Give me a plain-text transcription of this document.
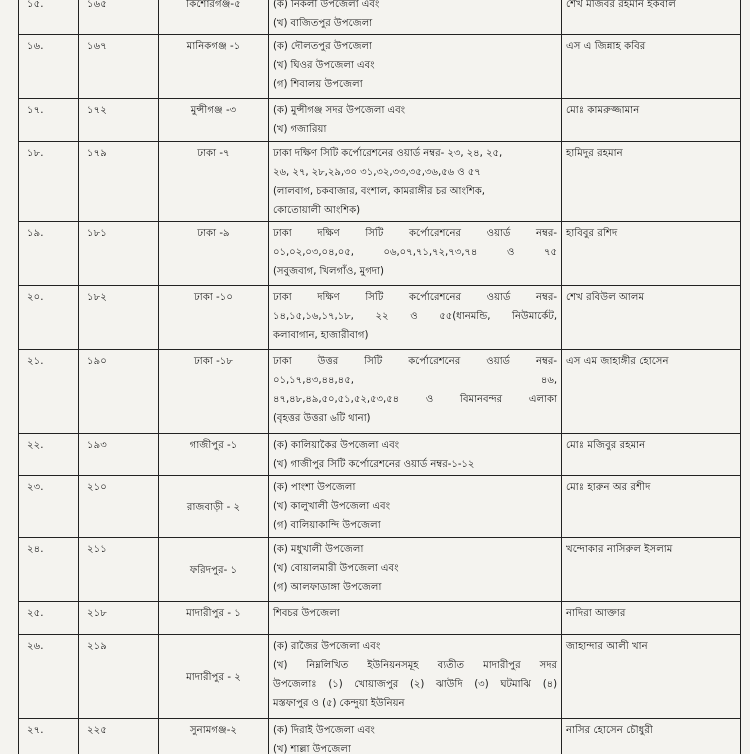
১৫.	১৬৫	কিশোরগঞ্জ-৫	(ক) নিকলী উপজেলা এবং
(খ) বাজিতপুর উপজেলা	শেখ মজিবর রহমান ইকবাল
১৬.	১৬৭	মানিকগঞ্জ -১	(ক) দৌলতপুর উপজেলা
(খ) ঘিওর উপজেলা এবং
(গ) শিবালয় উপজেলা	এস এ জিন্নাহ কবির
১৭.	১৭২	মুন্সীগঞ্জ -৩	(ক) মুন্সীগঞ্জ সদর উপজেলা এবং
(খ) গজারিয়া	মোঃ কামরুজ্জামান
১৮.	১৭৯	ঢাকা -৭	ঢাকা দক্ষিণ সিটি কর্পোরেশনের ওয়ার্ড নম্বর- ২৩, ২৪, ২৫,
২৬, ২৭, ২৮,২৯,৩০ ৩১,৩২,৩৩,৩৫,৩৬,৫৬ ও ৫৭
(লালবাগ, চকবাজার, বংশাল, কামরাঙ্গীর চর আংশিক,
কোতোয়ালী আংশিক)	হামিদুর রহমান
১৯.	১৮১	ঢাকা -৯	ঢাকা দক্ষিণ সিটি কর্পোরেশনের ওয়ার্ড নম্বর-
০১,০২,০৩,০৪,০৫, ০৬,০৭,৭১,৭২,৭৩,৭৪ ও ৭৫
(সবুজবাগ, খিলগাঁও, মুগদা)	হাবিবুর রশিদ
২০.	১৮২	ঢাকা -১০	ঢাকা দক্ষিণ সিটি কর্পোরেশনের ওয়ার্ড নম্বর-
১৪,১৫,১৬,১৭,১৮, ২২ ও ৫৫(ধানমন্ডি, নিউমার্কেট,
কলাবাগান, হাজারীবাগ)	শেখ রবিউল আলম
২১.	১৯০	ঢাকা -১৮	ঢাকা উত্তর সিটি কর্পোরেশনের ওয়ার্ড নম্বর-
০১,১৭,৪৩,৪৪,৪৫, ৪৬,
৪৭,৪৮,৪৯,৫০,৫১,৫২,৫৩,৫৪ ও বিমানবন্দর এলাকা
(বৃহত্তর উত্তরা ৬টি থানা)	এস এম জাহাঙ্গীর হোসেন
২২.	১৯৩	গাজীপুর -১	(ক) কালিয়াকৈর উপজেলা এবং
(খ) গাজীপুর সিটি কর্পোরেশনের ওয়ার্ড নম্বর-১-১২	মোঃ মজিবুর রহমান
২৩.	২১০	রাজবাড়ী - ২	(ক) পাংশা উপজেলা
(খ) কালুখালী উপজেলা এবং
(গ) বালিয়াকান্দি উপজেলা	মোঃ হারুন অর রশীদ
২৪.	২১১	ফরিদপুর- ১	(ক) মধুখালী উপজেলা
(খ) বোয়ালমারী উপজেলা এবং
(গ) আলফাডাঙ্গা উপজেলা	খন্দোকার নাসিরুল ইসলাম
২৫.	২১৮	মাদারীপুর - ১	শিবচর উপজেলা	নাদিরা আক্তার
২৬.	২১৯	মাদারীপুর - ২	(ক) রাজৈর উপজেলা এবং
(খ) নিম্নলিখিত ইউনিয়নসমূহ ব্যতীত মাদারীপুর সদর
উপজেলাঃ (১) খোয়াজপুর (২) ঝাউদি (৩) ঘটমাঝি (৪)
মস্তফাপুর ও (৫) কেন্দুয়া ইউনিয়ন	জাহান্দার আলী খান
২৭.	২২৫	সুনামগঞ্জ-২	(ক) দিরাই উপজেলা এবং
(খ) শাল্লা উপজেলা	নাসির হোসেন চৌধুরী
